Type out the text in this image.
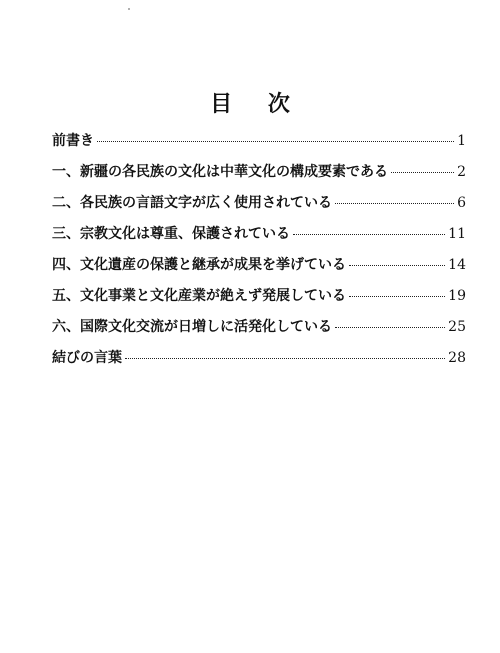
目 次
前書き	1
一、新疆の各民族の文化は中華文化の構成要素である	2
二、各民族の言語文字が広く使用されている	6
三、宗教文化は尊重、保護されている	11
四、文化遺産の保護と継承が成果を挙げている	14
五、文化事業と文化産業が絶えず発展している	19
六、国際文化交流が日増しに活発化している	25
結びの言葉	28
